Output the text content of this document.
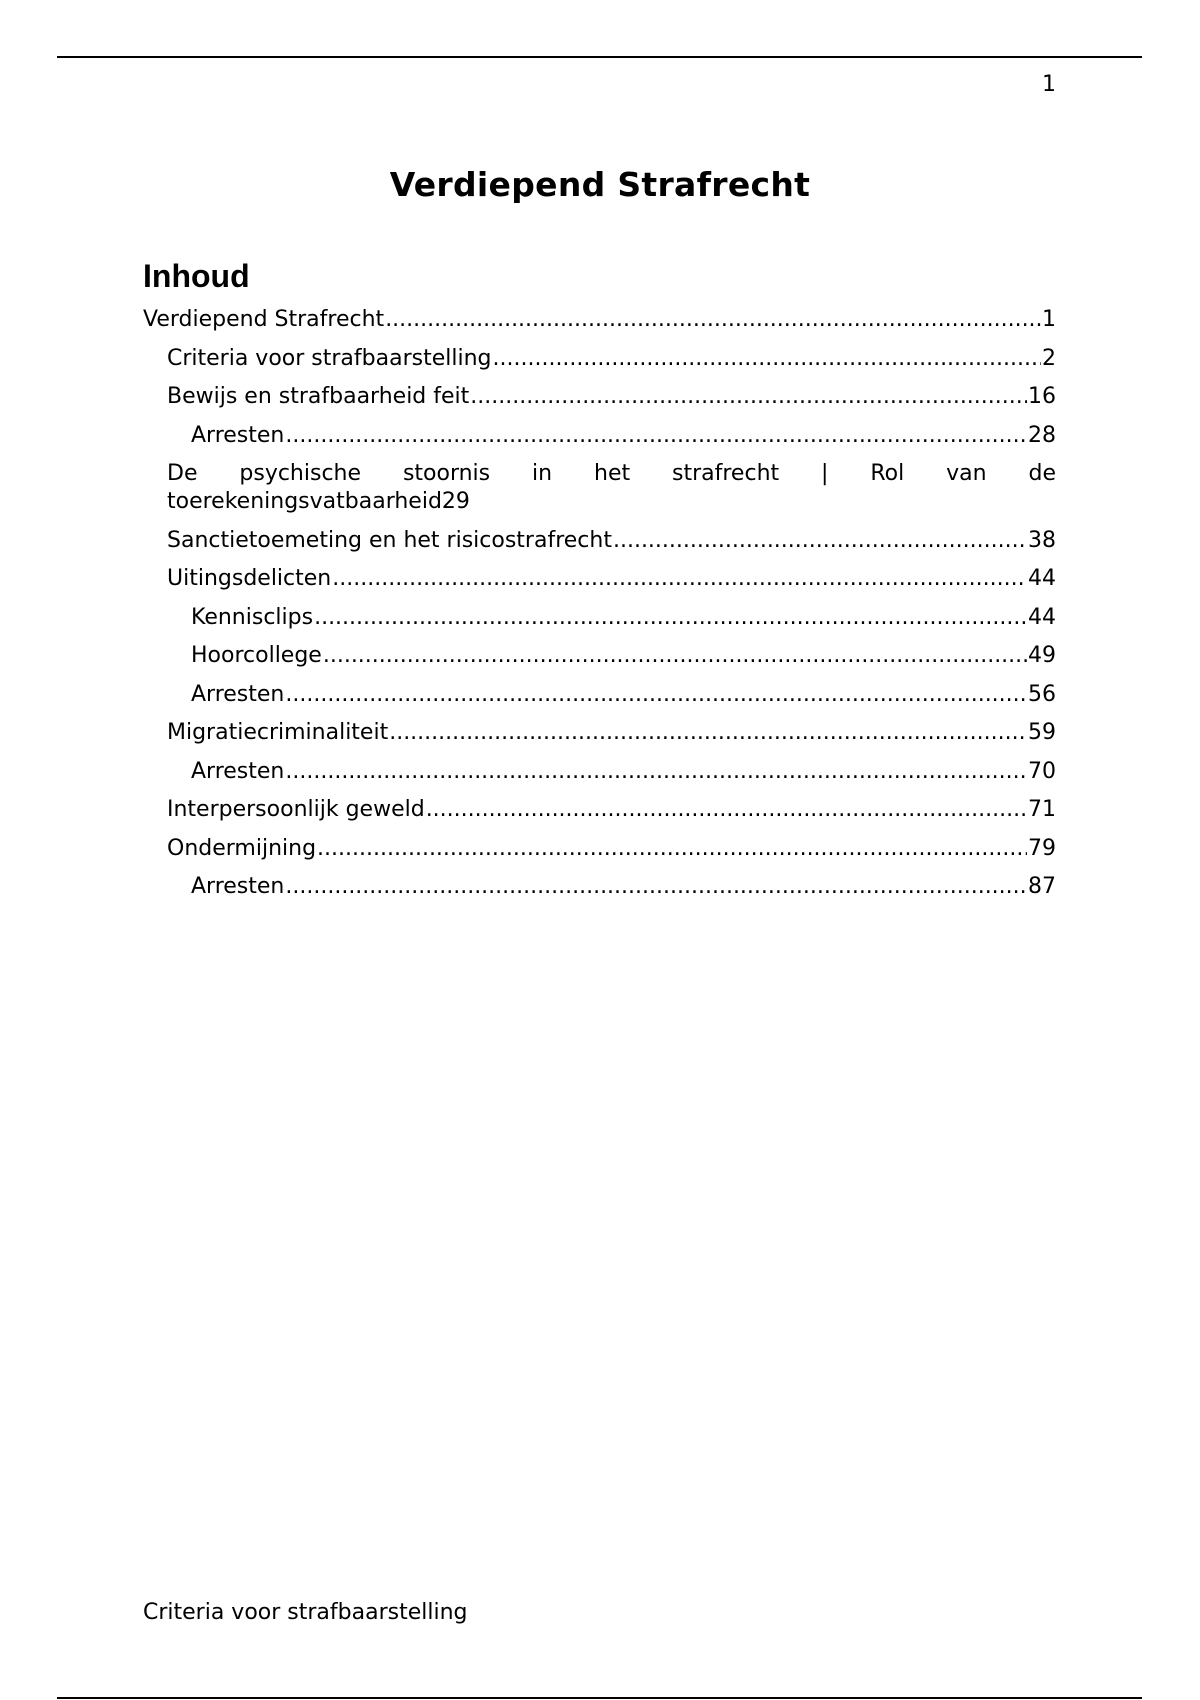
1
Verdiepend Strafrecht
Inhoud
Verdiepend Strafrecht .....	1
Criteria voor strafbaarstelling .....	2
Bewijs en strafbaarheid feit .....	16
Arresten .....	28
De psychische stoornis in het strafrecht | Rol van de
toerekeningsvatbaarheid 29
Sanctietoemeting en het risicostrafrecht .....	38
Uitingsdelicten .....	44
Kennisclips .....	44
Hoorcollege .....	49
Arresten .....	56
Migratiecriminaliteit .....	59
Arresten .....	70
Interpersoonlijk geweld .....	71
Ondermijning .....	79
Arresten .....	87
Criteria voor strafbaarstelling
